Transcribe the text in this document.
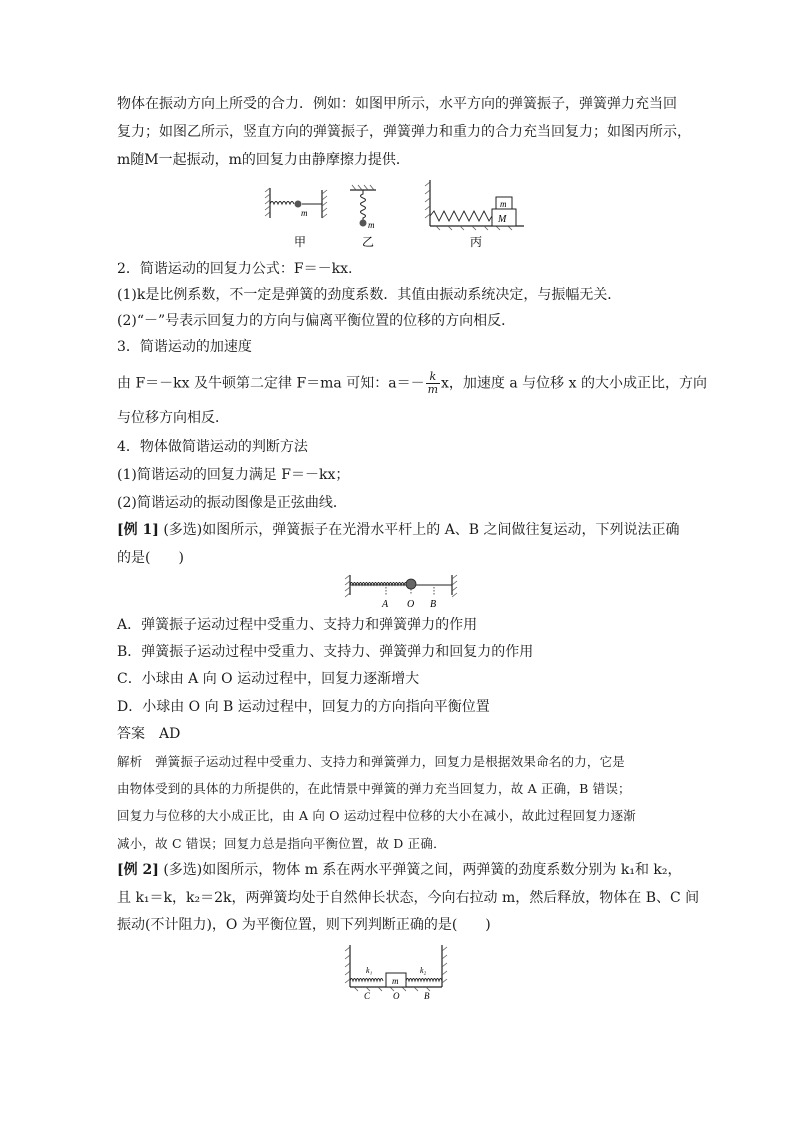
物体在振动方向上所受的合力．例如：如图甲所示，水平方向的弹簧振子，弹簧弹力充当回
复力；如图乙所示，竖直方向的弹簧振子，弹簧弹力和重力的合力充当回复力；如图丙所示，
m随M一起振动，m的回复力由静摩擦力提供．
m
甲
m
乙
m
M
丙
2．简谐运动的回复力公式：F＝－kx.
(1)k是比例系数，不一定是弹簧的劲度系数．其值由振动系统决定，与振幅无关．
(2)“－”号表示回复力的方向与偏离平衡位置的位移的方向相反．
3．简谐运动的加速度
由 F＝－kx 及牛顿第二定律 F＝ma 可知：$a=- \frac{k}{m}$ x，加速度 a 与位移 x 的大小成正比，方向
与位移方向相反．
4．物体做简谐运动的判断方法
(1)简谐运动的回复力满足 F＝－kx；
(2)简谐运动的振动图像是正弦曲线．
[例 1] (多选)如图所示，弹簧振子在光滑水平杆上的 A、B 之间做往复运动，下列说法正确
的是(　　)
A O B
A．弹簧振子运动过程中受重力、支持力和弹簧弹力的作用
B．弹簧振子运动过程中受重力、支持力、弹簧弹力和回复力的作用
C．小球由 A 向 O 运动过程中，回复力逐渐增大
D．小球由 O 向 B 运动过程中，回复力的方向指向平衡位置
答案　AD
解析　弹簧振子运动过程中受重力、支持力和弹簧弹力，回复力是根据效果命名的力，它是
由物体受到的具体的力所提供的，在此情景中弹簧的弹力充当回复力，故 A 正确，B 错误；
回复力与位移的大小成正比，由 A 向 O 运动过程中位移的大小在减小，故此过程回复力逐渐
减小，故 C 错误；回复力总是指向平衡位置，故 D 正确．
[例 2] (多选)如图所示，物体 m 系在两水平弹簧之间，两弹簧的劲度系数分别为 k₁和 k₂，
且 k₁＝k，k₂＝2k，两弹簧均处于自然伸长状态，今向右拉动 m，然后释放，物体在 B、C 间
振动(不计阻力)，O 为平衡位置，则下列判断正确的是(　　)
k₁	k₂
m
C	O	B
